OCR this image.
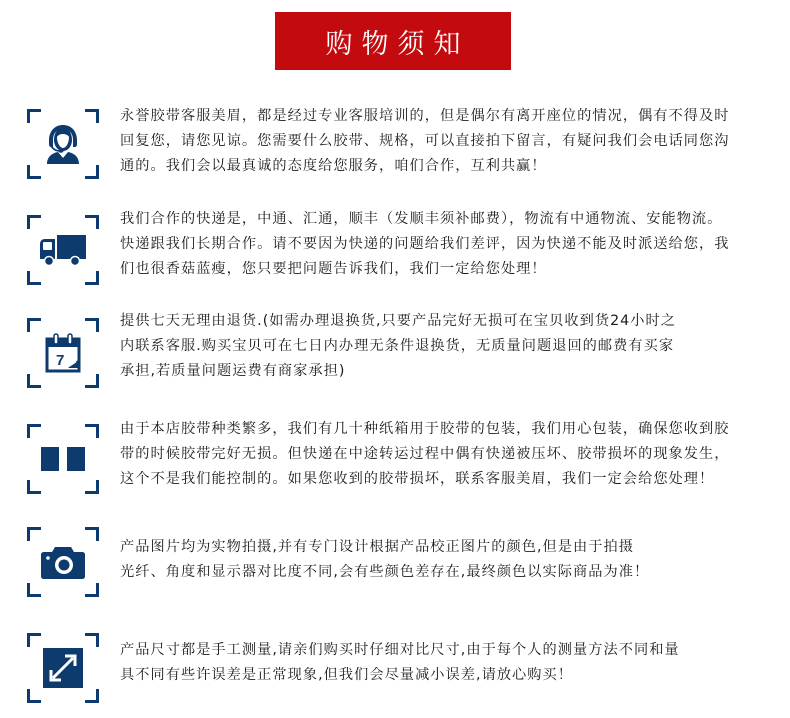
购物须知

永誉胶带客服美眉，都是经过专业客服培训的，但是偶尔有离开座位的情况，偶有不得及时

回复您，请您见谅。您需要什么胶带、规格，可以直接拍下留言，有疑问我们会电话同您沟

通的。我们会以最真诚的态度给您服务，咱们合作，互利共赢！

我们合作的快递是，中通、汇通，顺丰（发顺丰须补邮费），物流有中通物流、安能物流。

快递跟我们长期合作。请不要因为快递的问题给我们差评，因为快递不能及时派送给您，我

们也很香菇蓝瘦，您只要把问题告诉我们，我们一定给您处理！

7

提供七天无理由退货.(如需办理退换货,只要产品完好无损可在宝贝收到货24小时之

内联系客服.购买宝贝可在七日内办理无条件退换货，无质量问题退回的邮费有买家

承担,若质量问题运费有商家承担)

由于本店胶带种类繁多，我们有几十种纸箱用于胶带的包装，我们用心包装，确保您收到胶

带的时候胶带完好无损。但快递在中途转运过程中偶有快递被压坏、胶带损坏的现象发生，

这个不是我们能控制的。如果您收到的胶带损坏，联系客服美眉，我们一定会给您处理！

产品图片均为实物拍摄,并有专门设计根据产品校正图片的颜色,但是由于拍摄

光纤、角度和显示器对比度不同,会有些颜色差存在,最终颜色以实际商品为准！

产品尺寸都是手工测量,请亲们购买时仔细对比尺寸,由于每个人的测量方法不同和量

具不同有些许误差是正常现象,但我们会尽量减小误差,请放心购买！
